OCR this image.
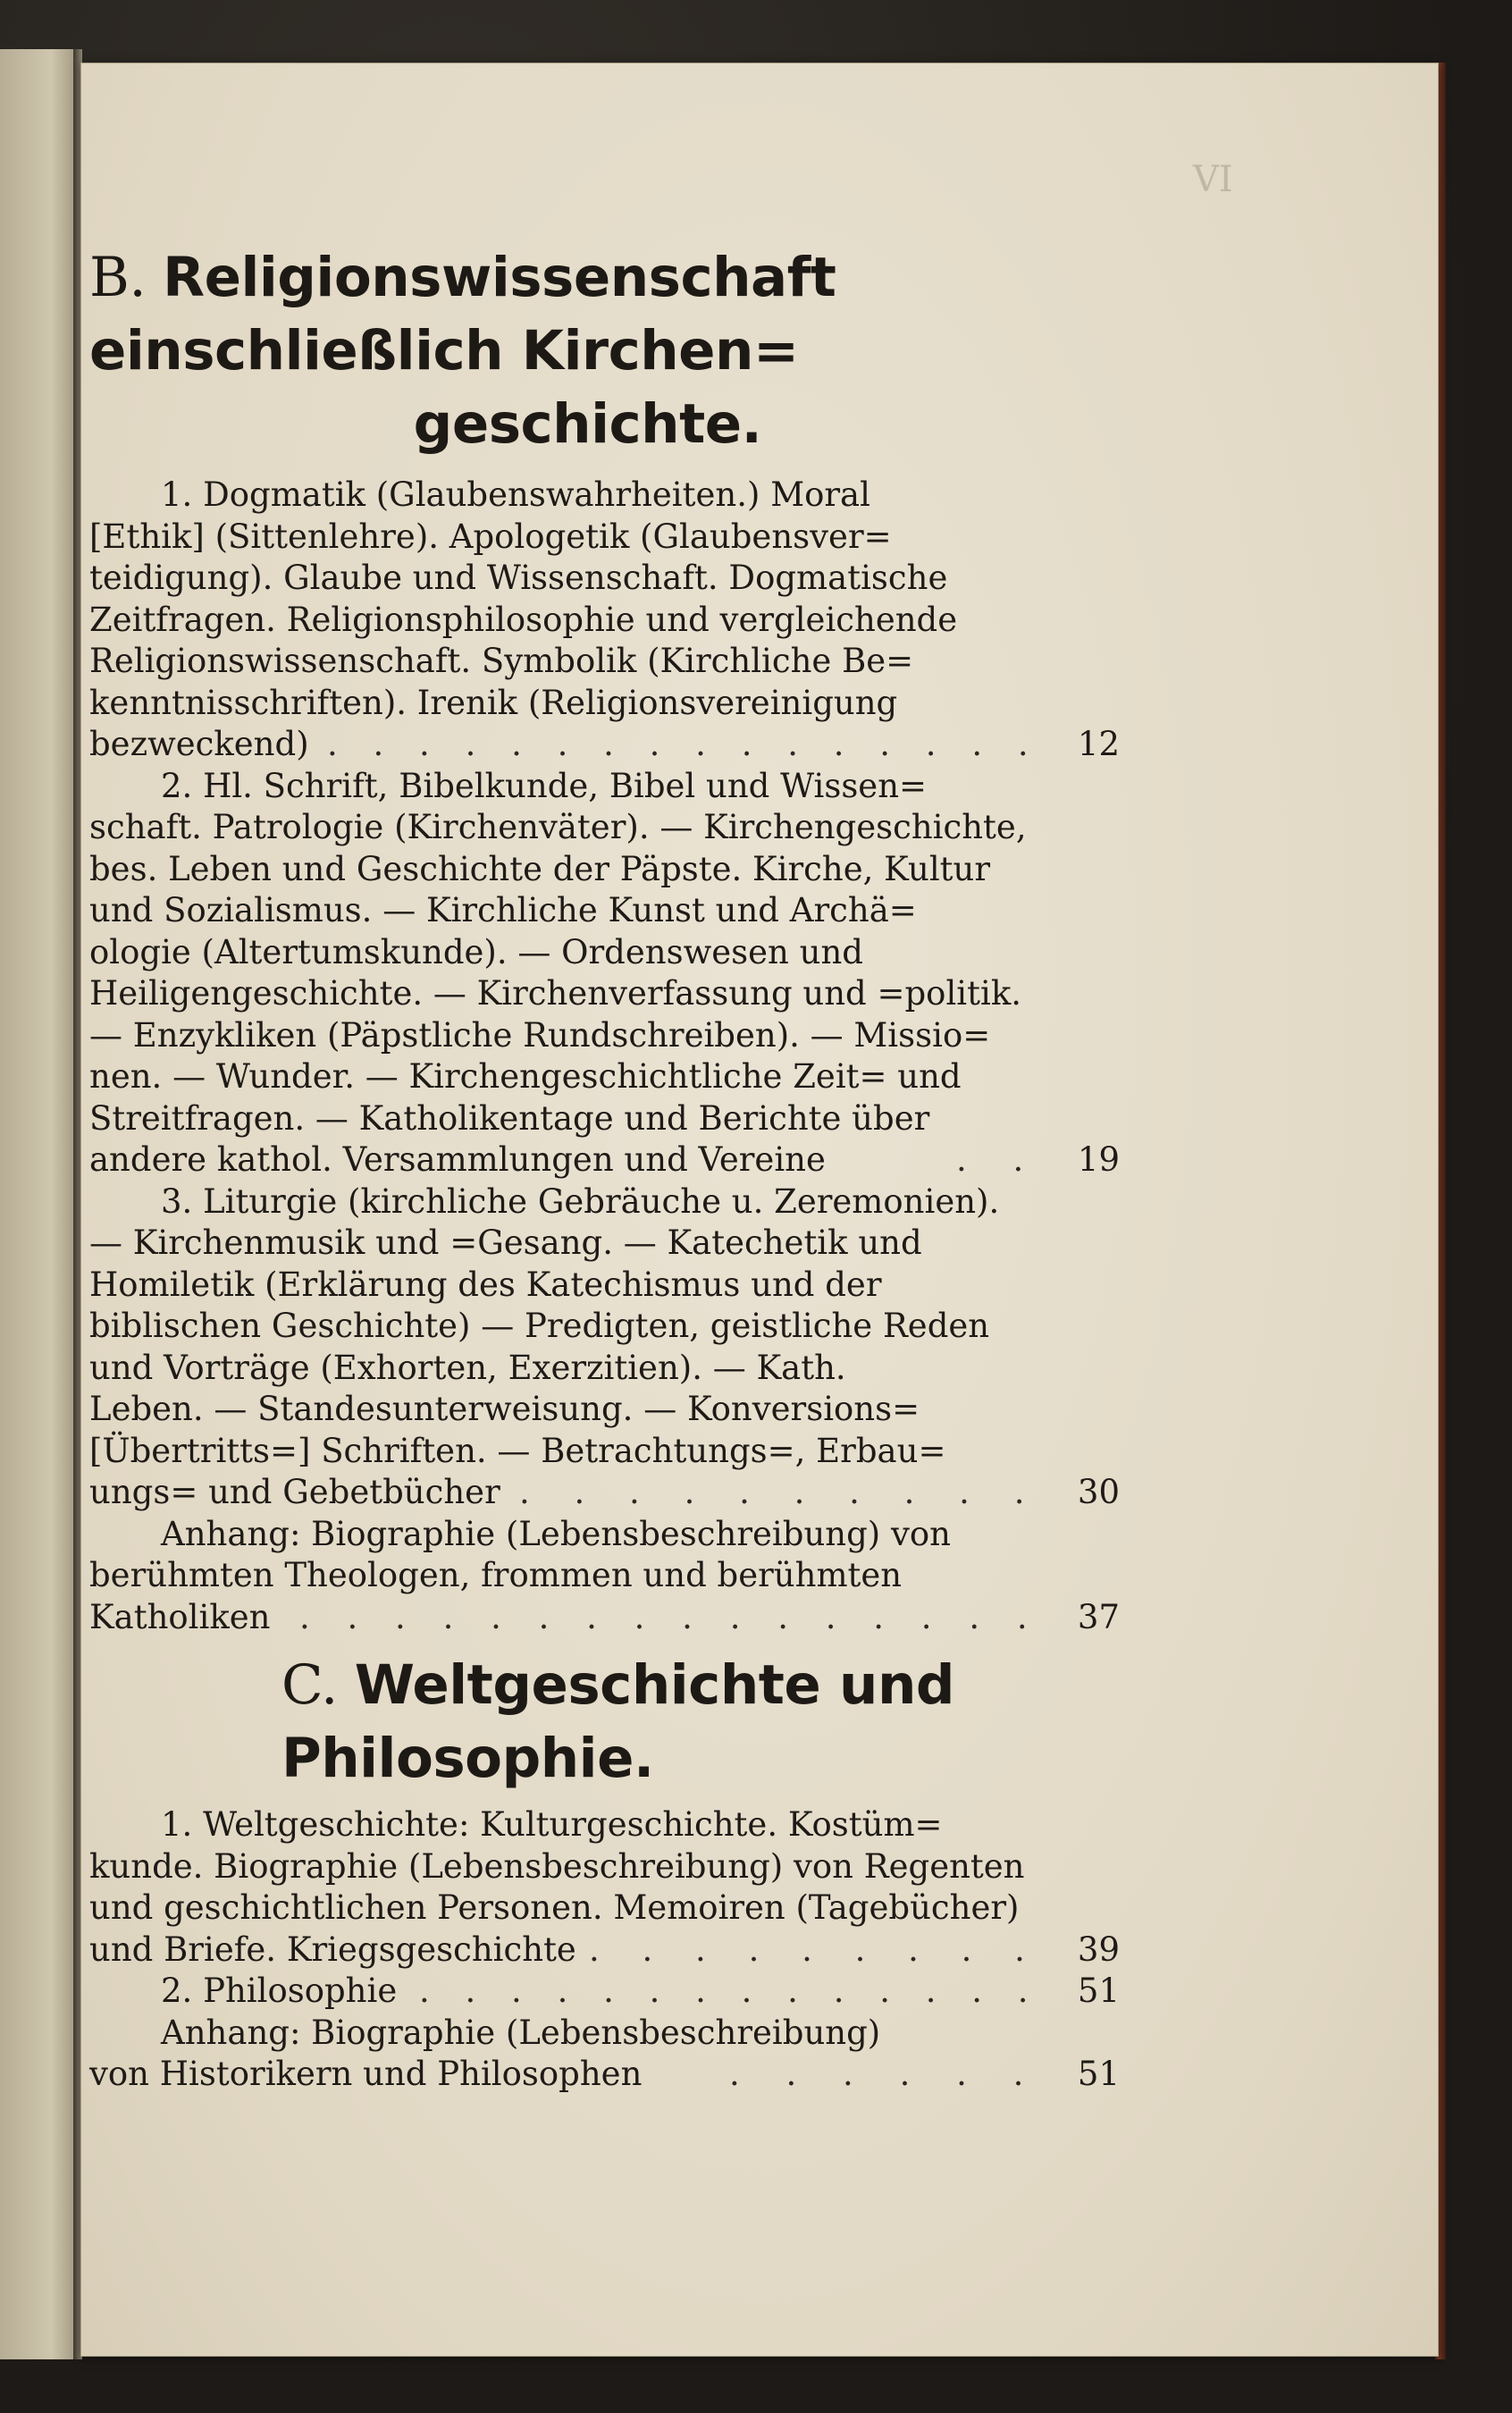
VI
B. Religionswissenschaft einschließlich Kirchen=
geschichte.
C. Weltgeschichte und Philosophie.
1. Dogmatik (Glaubenswahrheiten.) Moral
[Ethik] (Sittenlehre). Apologetik (Glaubensver=
teidigung). Glaube und Wissenschaft. Dogmatische
Zeitfragen. Religionsphilosophie und vergleichende
Religionswissenschaft. Symbolik (Kirchliche Be=
kenntnisschriften). Irenik (Religionsvereinigung
bezweckend) . . . . . . . . . . . . . . . .	12
2. Hl. Schrift, Bibelkunde, Bibel und Wissen=
schaft. Patrologie (Kirchenväter). — Kirchengeschichte,
bes. Leben und Geschichte der Päpste. Kirche, Kultur
und Sozialismus. — Kirchliche Kunst und Archä=
ologie (Altertumskunde). — Ordenswesen und
Heiligengeschichte. — Kirchenverfassung und =politik.
— Enzykliken (Päpstliche Rundschreiben). — Missio=
nen. — Wunder. — Kirchengeschichtliche Zeit= und
Streitfragen. — Katholikentage und Berichte über
andere kathol. Versammlungen und Vereine	. .	19
3. Liturgie (kirchliche Gebräuche u. Zeremonien).
— Kirchenmusik und =Gesang. — Katechetik und
Homiletik (Erklärung des Katechismus und der
biblischen Geschichte) — Predigten, geistliche Reden
und Vorträge (Exhorten, Exerzitien). — Kath.
Leben. — Standesunterweisung. — Konversions=
[Übertritts=] Schriften. — Betrachtungs=, Erbau=
ungs= und Gebetbücher . . . . . . . . . .	30
Anhang: Biographie (Lebensbeschreibung) von
berühmten Theologen, frommen und berühmten
Katholiken . . . . . . . . . . . . . . . .	37
1. Weltgeschichte: Kulturgeschichte. Kostüm=
kunde. Biographie (Lebensbeschreibung) von Regenten
und geschichtlichen Personen. Memoiren (Tagebücher)
und Briefe. Kriegsgeschichte . . . . . . . . .	39
2. Philosophie . . . . . . . . . . . . . .	51
Anhang: Biographie (Lebensbeschreibung)
von Historikern und Philosophen	. . . . . .	51
